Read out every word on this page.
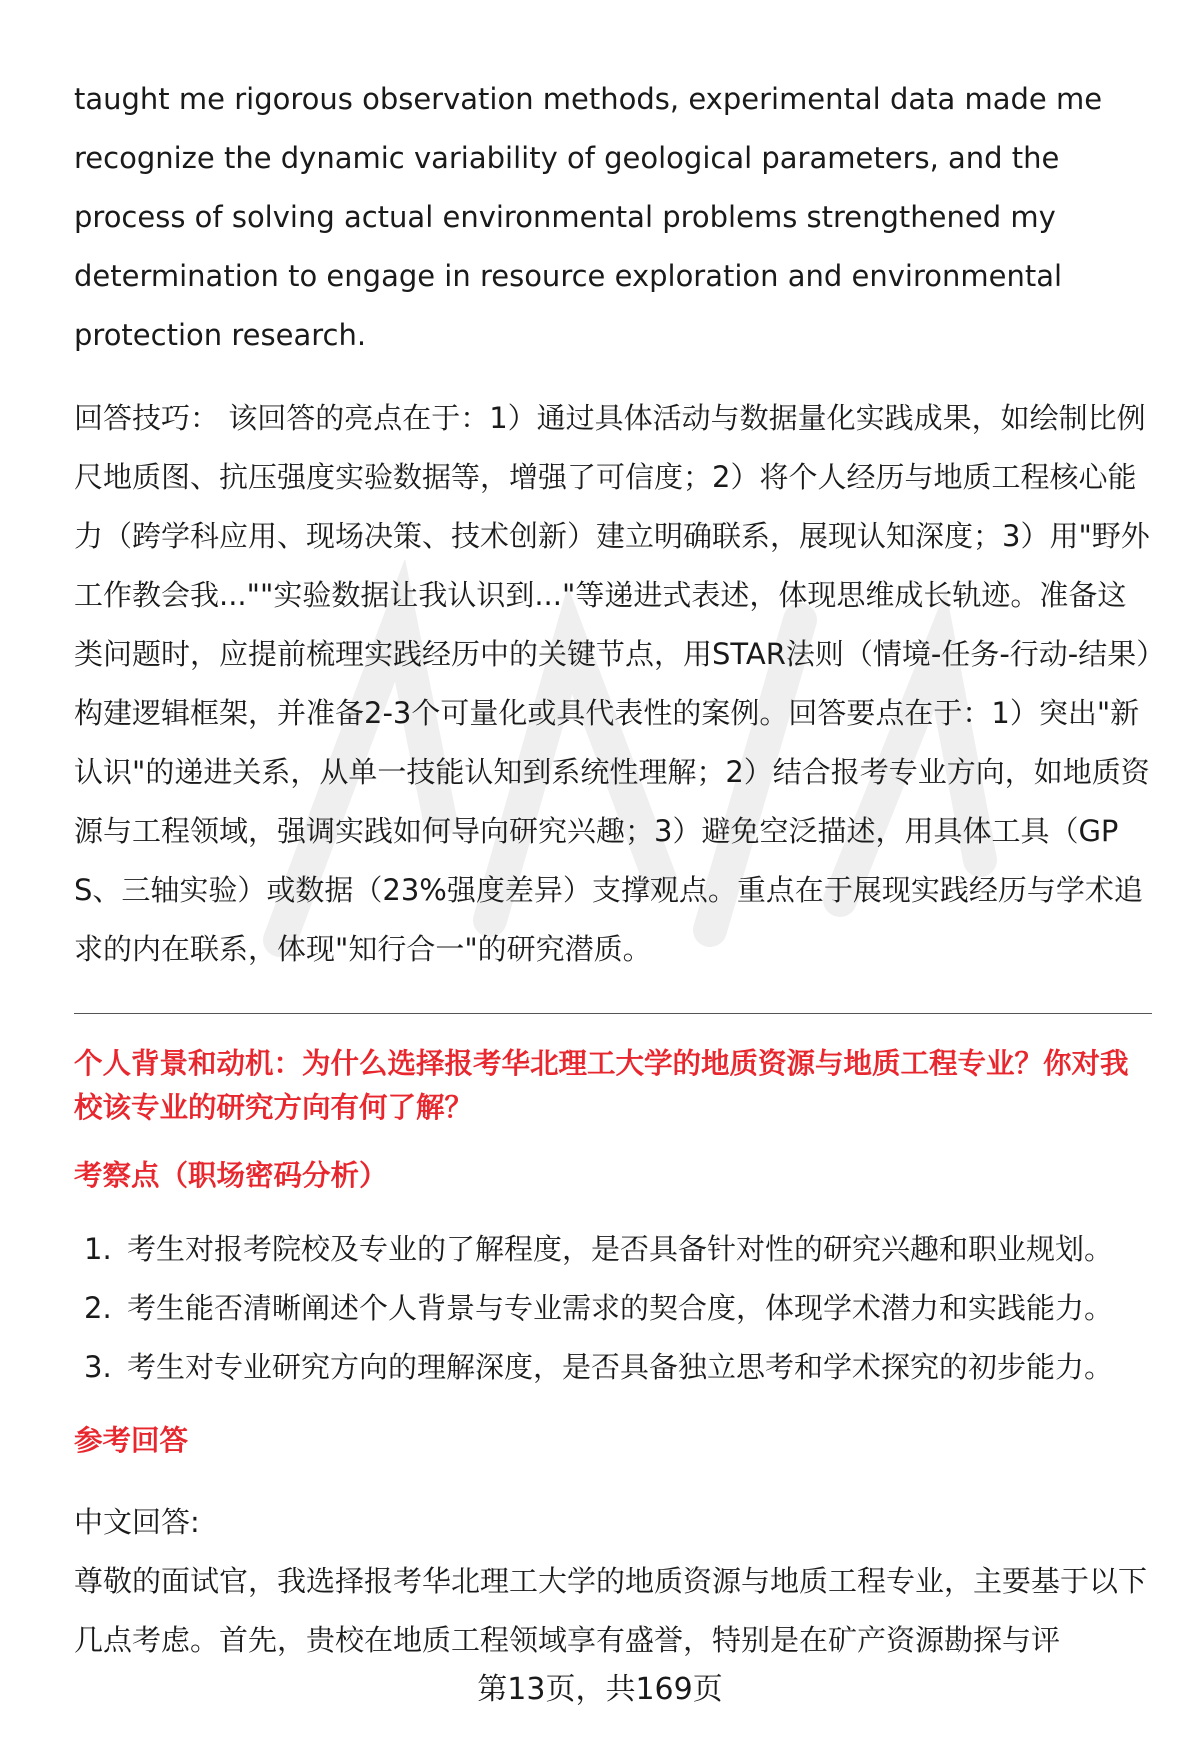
taught me rigorous observation methods, experimental data made me recognize the dynamic variability of geological parameters, and the process of solving actual environmental problems strengthened my determination to engage in resource exploration and environmental protection research.

回答技巧： 该回答的亮点在于：1）通过具体活动与数据量化实践成果，如绘制比例尺地质图、抗压强度实验数据等，增强了可信度；2）将个人经历与地质工程核心能力（跨学科应用、现场决策、技术创新）建立明确联系，展现认知深度；3）用"野外工作教会我...""实验数据让我认识到..."等递进式表述，体现思维成长轨迹。准备这类问题时，应提前梳理实践经历中的关键节点，用STAR法则（情境-任务-行动-结果）构建逻辑框架，并准备2-3个可量化或具代表性的案例。回答要点在于：1）突出"新认识"的递进关系，从单一技能认知到系统性理解；2）结合报考专业方向，如地质资源与工程领域，强调实践如何导向研究兴趣；3）避免空泛描述，用具体工具（GPS、三轴实验）或数据（23%强度差异）支撑观点。重点在于展现实践经历与学术追求的内在联系，体现"知行合一"的研究潜质。

个人背景和动机：为什么选择报考华北理工大学的地质资源与地质工程专业？你对我校该专业的研究方向有何了解？

考察点（职场密码分析）

1. 考生对报考院校及专业的了解程度，是否具备针对性的研究兴趣和职业规划。
2. 考生能否清晰阐述个人背景与专业需求的契合度，体现学术潜力和实践能力。
3. 考生对专业研究方向的理解深度，是否具备独立思考和学术探究的初步能力。

参考回答

中文回答:

尊敬的面试官，我选择报考华北理工大学的地质资源与地质工程专业，主要基于以下几点考虑。首先，贵校在地质工程领域享有盛誉，特别是在矿产资源勘探与评

第13页，共169页
